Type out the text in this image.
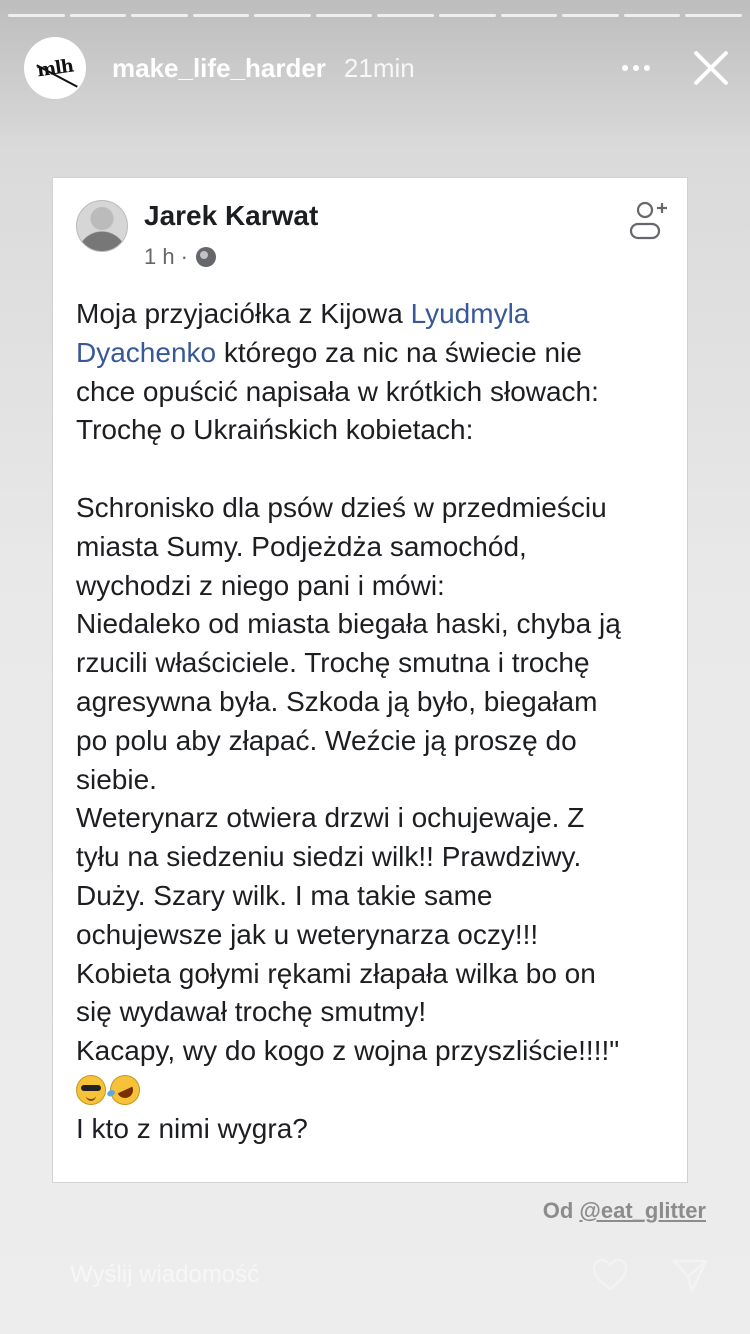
mlh make_life_harder 21min
Jarek Karwat
1 h ·
Moja przyjaciółka z Kijowa Lyudmyla
Dyachenko którego za nic na świecie nie
chce opuścić napisała w krótkich słowach:
Trochę o Ukraińskich kobietach:

Schronisko dla psów dzieś w przedmieściu
miasta Sumy. Podjeżdża samochód,
wychodzi z niego pani i mówi:
Niedaleko od miasta biegała haski, chyba ją
rzucili właściciele. Trochę smutna i trochę
agresywna była. Szkoda ją było, biegałam
po polu aby złapać. Weźcie ją proszę do
siebie.
Weterynarz otwiera drzwi i ochujewaje. Z
tyłu na siedzeniu siedzi wilk!! Prawdziwy.
Duży. Szary wilk. I ma takie same
ochujewsze jak u weterynarza oczy!!!
Kobieta gołymi rękami złapała wilka bo on
się wydawał trochę smutmy!
Kacapy, wy do kogo z wojna przyszliście!!!!"

I kto z nimi wygra?
Od @eat_glitter
Wyślij wiadomość
